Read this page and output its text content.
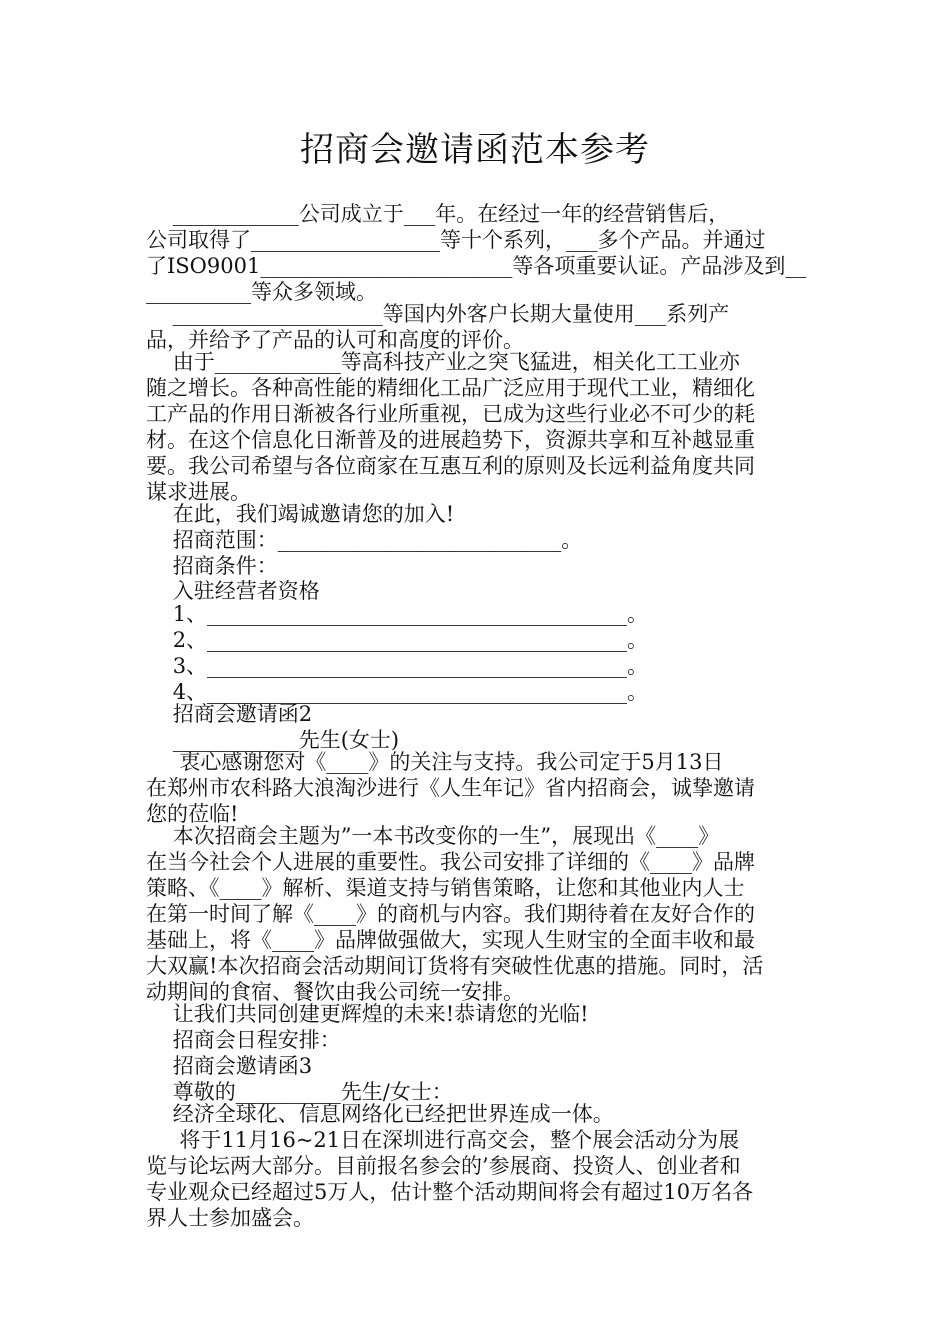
招商会邀请函范本参考
____________公司成立于___年。在经过一年的经营销售后，
公司取得了__________________等十个系列，___多个产品。并通过
了ISO9001________________________等各项重要认证。产品涉及到__
__________等众多领域。
____________________等国内外客户长期大量使用___系列产
品，并给予了产品的认可和高度的评价。
由于____________等高科技产业之突飞猛进，相关化工工业亦
随之增长。各种高性能的精细化工品广泛应用于现代工业，精细化
工产品的作用日渐被各行业所重视，已成为这些行业必不可少的耗
材。在这个信息化日渐普及的进展趋势下，资源共享和互补越显重
要。我公司希望与各位商家在互惠互利的原则及长远利益角度共同
谋求进展。
在此，我们竭诚邀请您的加入!
招商范围：___________________________。
招商条件：
入驻经营者资格
1、________________________________________。
2、________________________________________。
3、________________________________________。
4、________________________________________。
招商会邀请函2
____________先生(女士)
衷心感谢您对《____》的关注与支持。我公司定于5月13日
在郑州市农科路大浪淘沙进行《人生年记》省内招商会，诚挚邀请
您的莅临!
本次招商会主题为”一本书改变你的一生”，展现出《____》
在当今社会个人进展的重要性。我公司安排了详细的《____》品牌
策略、《____》解析、渠道支持与销售策略，让您和其他业内人士
在第一时间了解《____》的商机与内容。我们期待着在友好合作的
基础上，将《____》品牌做强做大，实现人生财宝的全面丰收和最
大双赢!本次招商会活动期间订货将有突破性优惠的措施。同时，活
动期间的食宿、餐饮由我公司统一安排。
让我们共同创建更辉煌的未来!恭请您的光临!
招商会日程安排：
招商会邀请函3
尊敬的__________先生/女士：
经济全球化、信息网络化已经把世界连成一体。
将于11月16~21日在深圳进行高交会，整个展会活动分为展
览与论坛两大部分。目前报名参会的’参展商、投资人、创业者和
专业观众已经超过5万人，估计整个活动期间将会有超过10万名各
界人士参加盛会。
